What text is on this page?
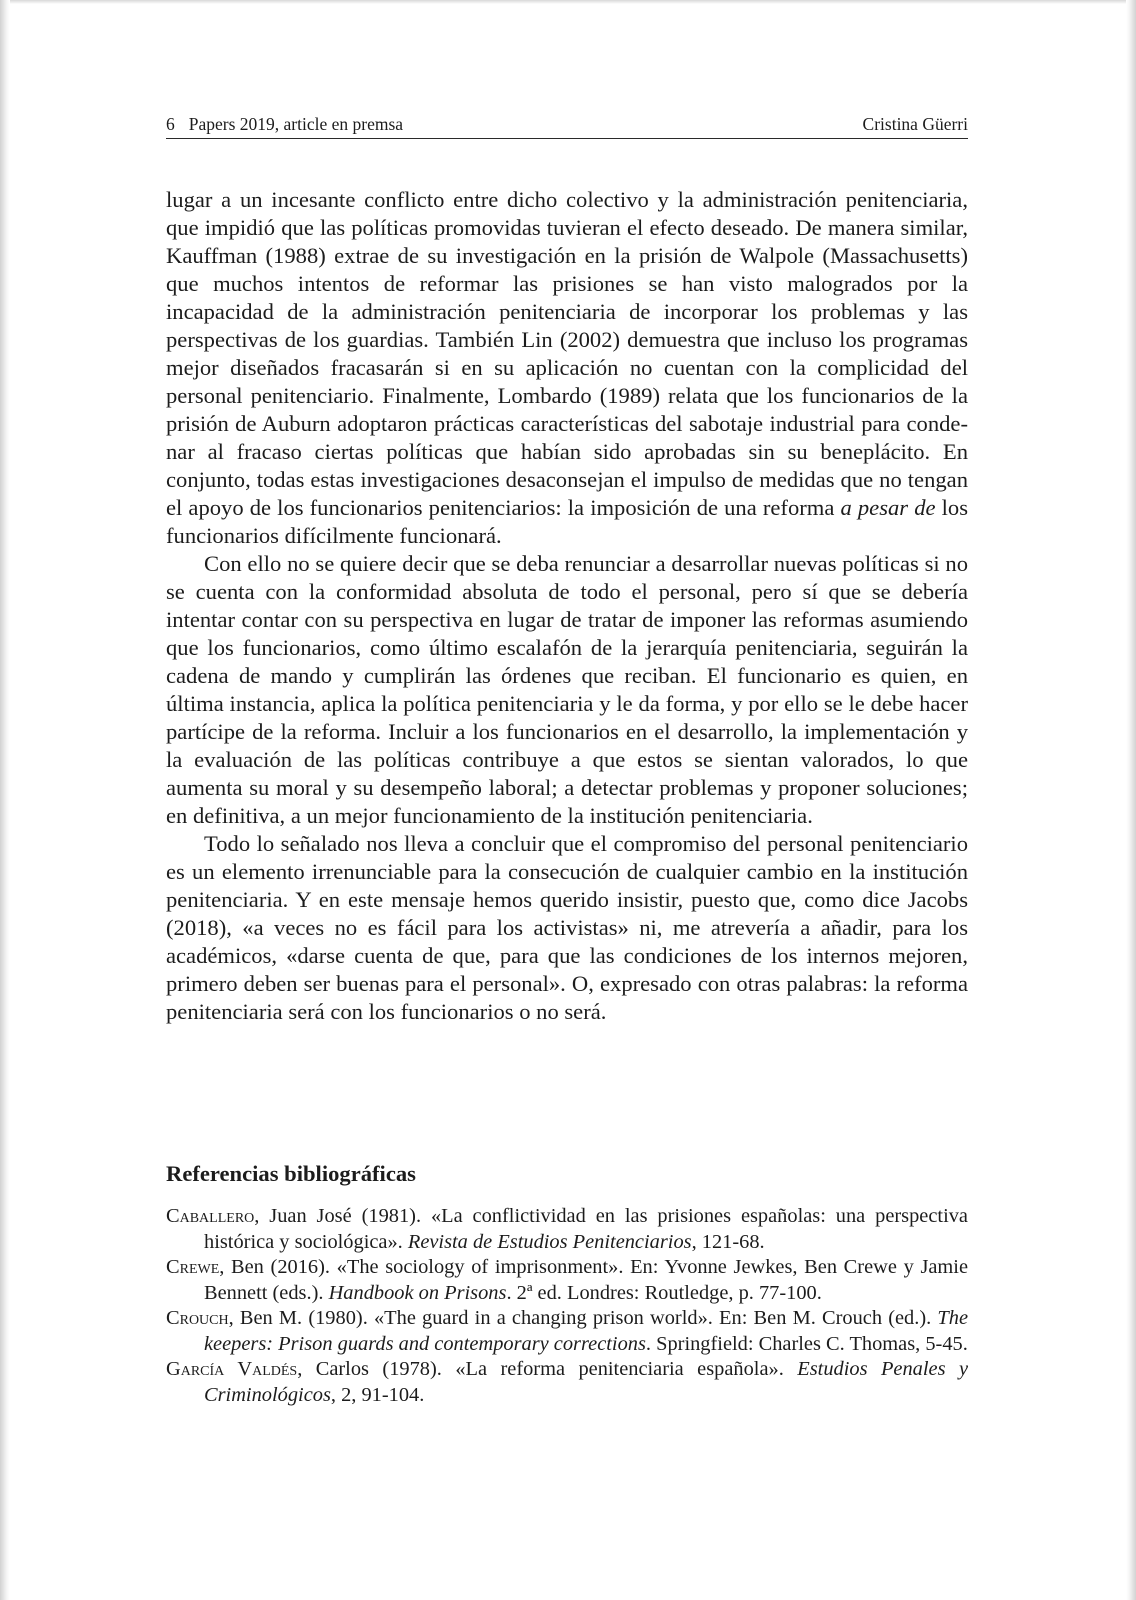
6 Papers 2019, article en premsa	Cristina Güerri

lugar a un incesante conflicto entre dicho colectivo y la administración penitenciaria, que impidió que las políticas promovidas tuvieran el efecto deseado. De manera similar, Kauffman (1988) extrae de su investigación en la prisión de Walpole (Massachusetts) que muchos intentos de reformar las prisiones se han visto malogrados por la incapacidad de la administración penitenciaria de incorporar los problemas y las perspectivas de los guardias. También Lin (2002) demuestra que incluso los programas mejor diseñados fracasarán si en su aplicación no cuentan con la complicidad del personal penitenciario. Finalmente, Lombardo (1989) relata que los funcionarios de la prisión de Auburn adoptaron prácticas características del sabotaje industrial para condenar al fracaso ciertas políticas que habían sido aprobadas sin su beneplácito. En conjunto, todas estas investigaciones desaconsejan el impulso de medidas que no tengan el apoyo de los funcionarios penitenciarios: la imposición de una reforma a pesar de los funcionarios difícilmente funcionará.

Con ello no se quiere decir que se deba renunciar a desarrollar nuevas políticas si no se cuenta con la conformidad absoluta de todo el personal, pero sí que se debería intentar contar con su perspectiva en lugar de tratar de imponer las reformas asumiendo que los funcionarios, como último escalafón de la jerarquía penitenciaria, seguirán la cadena de mando y cumplirán las órdenes que reciban. El funcionario es quien, en última instancia, aplica la política penitenciaria y le da forma, y por ello se le debe hacer partícipe de la reforma. Incluir a los funcionarios en el desarrollo, la implementación y la evaluación de las políticas contribuye a que estos se sientan valorados, lo que aumenta su moral y su desempeño laboral; a detectar problemas y proponer soluciones; en definitiva, a un mejor funcionamiento de la institución penitenciaria.

Todo lo señalado nos lleva a concluir que el compromiso del personal penitenciario es un elemento irrenunciable para la consecución de cualquier cambio en la institución penitenciaria. Y en este mensaje hemos querido insistir, puesto que, como dice Jacobs (2018), «a veces no es fácil para los activistas» ni, me atrevería a añadir, para los académicos, «darse cuenta de que, para que las condiciones de los internos mejoren, primero deben ser buenas para el personal». O, expresado con otras palabras: la reforma penitenciaria será con los funcionarios o no será.

Referencias bibliográficas

Caballero, Juan José (1981). «La conflictividad en las prisiones españolas: una perspectiva histórica y sociológica». Revista de Estudios Penitenciarios, 121-68.

Crewe, Ben (2016). «The sociology of imprisonment». En: Yvonne Jewkes, Ben Crewe y Jamie Bennett (eds.). Handbook on Prisons. 2ª ed. Londres: Routledge, p. 77-100.

Crouch, Ben M. (1980). «The guard in a changing prison world». En: Ben M. Crouch (ed.). The keepers: Prison guards and contemporary corrections. Springfield: Charles C. Thomas, 5-45.

García Valdés, Carlos (1978). «La reforma penitenciaria española». Estudios Penales y Criminológicos, 2, 91-104.
